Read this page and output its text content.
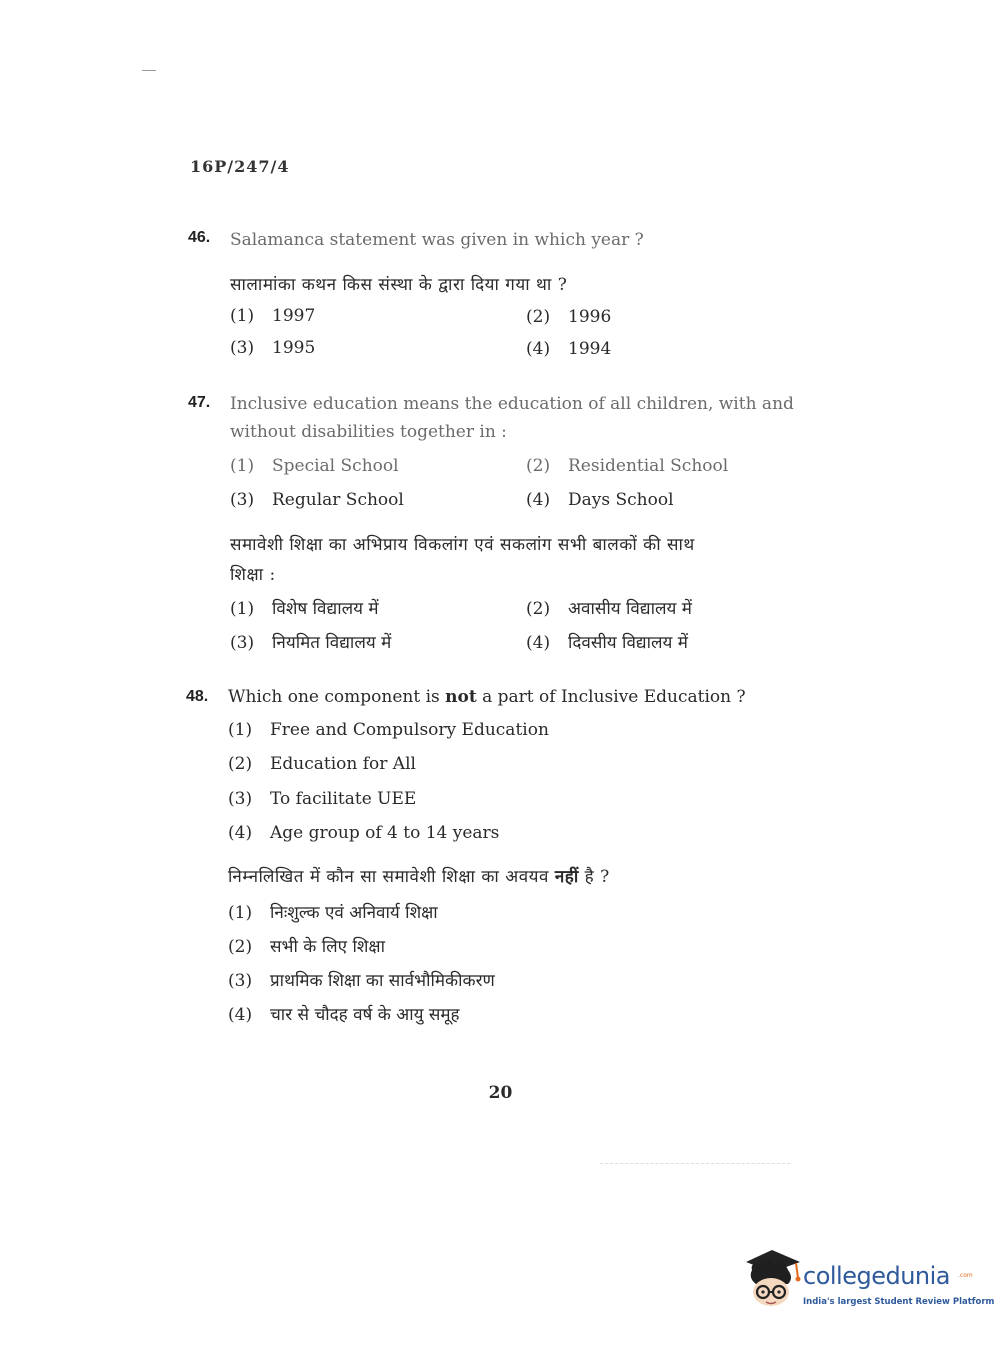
16P/247/4
46. Salamanca statement was given in which year ?
सालामांका कथन किस संस्था के द्वारा दिया गया था ?
(1) 1997	(2) 1996
(3) 1995	(4) 1994
47. Inclusive education means the education of all children, with and
without disabilities together in :
(1) Special School	(2) Residential School
(3) Regular School	(4) Days School
समावेशी शिक्षा का अभिप्राय विकलांग एवं सकलांग सभी बालकों की साथ
शिक्षा :
(1) विशेष विद्यालय में	(2) अवासीय विद्यालय में
(3) नियमित विद्यालय में	(4) दिवसीय विद्यालय में
48. Which one component is not a part of Inclusive Education ?
(1) Free and Compulsory Education
(2) Education for All
(3) To facilitate UEE
(4) Age group of 4 to 14 years
निम्नलिखित में कौन सा समावेशी शिक्षा का अवयव नहीं है ?
(1) निःशुल्क एवं अनिवार्य शिक्षा
(2) सभी के लिए शिक्षा
(3) प्राथमिक शिक्षा का सार्वभौमिकीकरण
(4) चार से चौदह वर्ष के आयु समूह
20
collegedunia .com
India's largest Student Review Platform
